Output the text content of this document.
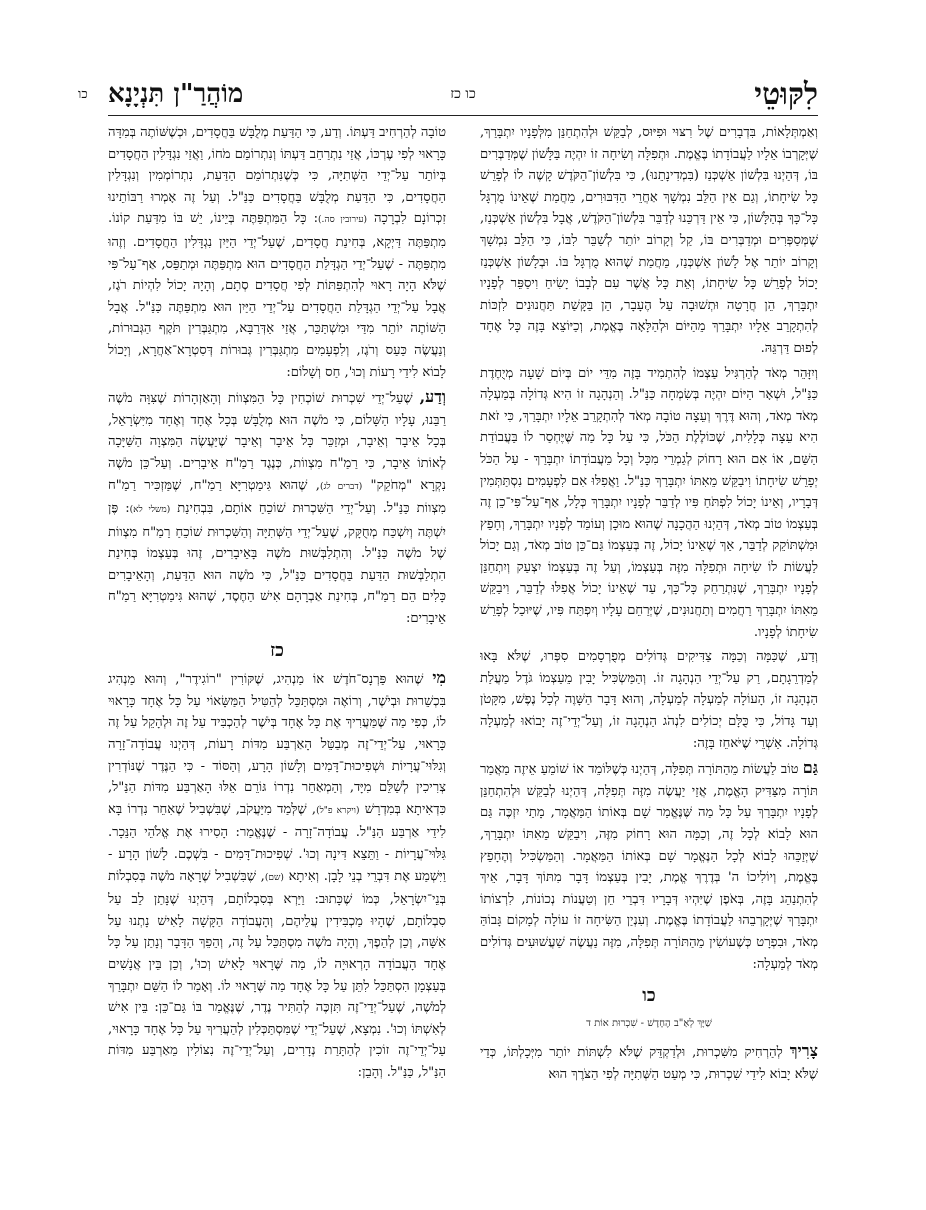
לִקּוּטֵי
כו כז
מוֹהֲרַ"ן תִּנְיָנָא
כו

וְאַמְתְּלָאוֹת, בִּדְבָרִים שֶׁל רִצּוּי וּפִיּוּס, לְבַקֵּשׁ וּלְהִתְחַנֵּן מִלְּפָנָיו יִתְבָּרַךְ, שֶׁיְּקָרְבוֹ אֵלָיו לַעֲבוֹדָתוֹ בֶּאֱמֶת. וּתְפִלָּה וְשִׂיחָה זוֹ יִהְיֶה בַּלָּשׁוֹן שֶׁמְּדַבְּרִים בּוֹ, דְּהַיְנוּ בִּלְשׁוֹן אַשְׁכְּנַז (בִּמְדִינָתֵנוּ), כִּי בִּלְשׁוֹן־הַקֹּדֶשׁ קָשֶׁה לוֹ לְפָרֵשׁ כָּל שִׂיחָתוֹ, וְגַם אֵין הַלֵּב נִמְשָׁךְ אַחֲרֵי הַדִּבּוּרִים, מֵחֲמַת שֶׁאֵינוֹ מֻרְגָּל כָּל־כָּךְ בְּהַלָּשׁוֹן, כִּי אֵין דַּרְכֵּנוּ לְדַבֵּר בִּלְשׁוֹן־הַקֹּדֶשׁ, אֲבָל בִּלְשׁוֹן אַשְׁכְּנַז, שֶׁמְּסַפְּרִים וּמְדַבְּרִים בּוֹ, קַל וְקָרוֹב יוֹתֵר לְשַׁבֵּר לִבּוֹ, כִּי הַלֵּב נִמְשָׁךְ וְקָרוֹב יוֹתֵר אֶל לָשׁוֹן אַשְׁכְּנַז, מֵחֲמַת שֶׁהוּא מֻרְגָּל בּוֹ. וּבְלָשׁוֹן אַשְׁכְּנַז יָכוֹל לְפָרֵשׁ כָּל שִׂיחָתוֹ, וְאֵת כָּל אֲשֶׁר עִם לְבָבוֹ יָשִׂיחַ וִיסַפֵּר לְפָנָיו יִתְבָּרַךְ, הֵן חֲרָטָה וּתְשׁוּבָה עַל הֶעָבָר, הֵן בַּקָּשַׁת תַּחֲנוּנִים לִזְכּוֹת לְהִתְקָרֵב אֵלָיו יִתְבָּרַךְ מֵהַיּוֹם וּלְהַלָּאָה בֶּאֱמֶת, וְכַיּוֹצֵא בָּזֶה כָּל אֶחָד לְפוּם דַּרְגֵּהּ.

וְיִזָּהֵר מְאֹד לְהַרְגִּיל עַצְמוֹ לְהִתְמִיד בָּזֶה מִדֵּי יוֹם בְּיוֹם שָׁעָה מְיֻחֶדֶת כַּנַּ"ל, וּשְׁאָר הַיּוֹם יִהְיֶה בְּשִׂמְחָה כַּנַּ"ל. וְהַנְהָגָה זוֹ הִיא גְּדוֹלָה בְּמַעְלָה מְאֹד מְאֹד, וְהוּא דֶּרֶךְ וְעֵצָה טוֹבָה מְאֹד לְהִתְקָרֵב אֵלָיו יִתְבָּרַךְ, כִּי זֹאת הִיא עֵצָה כְּלָלִית, שֶׁכּוֹלֶלֶת הַכֹּל, כִּי עַל כָּל מַה שֶּׁיֶּחְסַר לוֹ בַּעֲבוֹדַת הַשֵּׁם, אוֹ אִם הוּא רָחוֹק לְגַמְרֵי מִכָּל וְכָל מֵעֲבוֹדָתוֹ יִתְבָּרַךְ - עַל הַכֹּל יְפָרֵשׁ שִׂיחָתוֹ וִיבַקֵּשׁ מֵאִתּוֹ יִתְבָּרַךְ כַּנַּ"ל. וַאֲפִלּוּ אִם לִפְעָמִים נִסְתַּתְּמִין דְּבָרָיו, וְאֵינוֹ יָכוֹל לִפְתֹּחַ פִּיו לְדַבֵּר לְפָנָיו יִתְבָּרַךְ כְּלָל, אַף־עַל־פִּי־כֵן זֶה בְּעַצְמוֹ טוֹב מְאֹד, דְּהַיְנוּ הַהֲכָנָה שֶׁהוּא מוּכָן וְעוֹמֵד לְפָנָיו יִתְבָּרַךְ, וְחָפֵץ וּמִשְׁתּוֹקֵק לְדַבֵּר, אַךְ שֶׁאֵינוֹ יָכוֹל, זֶה בְּעַצְמוֹ גַּם־כֵּן טוֹב מְאֹד, וְגַם יָכוֹל לַעֲשׂוֹת לוֹ שִׂיחָה וּתְפִלָּה מִזֶּה בְּעַצְמוֹ, וְעַל זֶה בְּעַצְמוֹ יִצְעַק וְיִתְחַנֵּן לְפָנָיו יִתְבָּרַךְ, שֶׁנִּתְרַחֵק כָּל־כָּךְ, עַד שֶׁאֵינוֹ יָכוֹל אֲפִלּוּ לְדַבֵּר, וִיבַקֵּשׁ מֵאִתּוֹ יִתְבָּרַךְ רַחֲמִים וְתַחֲנוּנִים, שֶׁיְּרַחֵם עָלָיו וְיִפְתַּח פִּיו, שֶׁיּוּכַל לְפָרֵשׁ שִׂיחָתוֹ לְפָנָיו.

וְדַע, שֶׁכַּמָּה וְכַמָּה צַדִּיקִים גְּדוֹלִים מְפֻרְסָמִים סִפְּרוּ, שֶׁלֹּא בָּאוּ לְמַדְרֵגָתָם, רַק עַל־יְדֵי הַנְהָגָה זוֹ. וְהַמַּשְׂכִּיל יָבִין מֵעַצְמוֹ גֹּדֶל מַעֲלַת הַנְהָגָה זוֹ, הָעוֹלָה לְמַעְלָה לְמַעְלָה, וְהוּא דָּבָר הַשָּׁוֶה לְכָל נֶפֶשׁ, מִקָּטֹן וְעַד גָּדוֹל, כִּי כֻּלָּם יְכוֹלִים לִנְהֹג הַנְהָגָה זוֹ, וְעַל־יְדֵי־זֶה יָבוֹאוּ לְמַעְלָה גְּדוֹלָה. אַשְׁרֵי שֶׁיֹּאחֵז בָּזֶה:

גַּם טוֹב לַעֲשׂוֹת מֵהַתּוֹרָה תְּפִלָּה, דְּהַיְנוּ כְּשֶׁלּוֹמֵד אוֹ שׁוֹמֵעַ אֵיזֶה מַאֲמַר תּוֹרָה מִצַּדִּיק הָאֱמֶת, אֲזַי יַעֲשֶׂה מִזֶּה תְּפִלָּה, דְּהַיְנוּ לְבַקֵּשׁ וּלְהִתְחַנֵּן לְפָנָיו יִתְבָּרַךְ עַל כָּל מַה שֶּׁנֶּאֱמַר שָׁם בְּאוֹתוֹ הַמַּאֲמָר, מָתַי יִזְכֶּה גַּם הוּא לָבוֹא לְכָל זֶה, וְכַמָּה הוּא רָחוֹק מִזֶּה, וִיבַקֵּשׁ מֵאִתּוֹ יִתְבָּרַךְ, שֶׁיְּזַכֵּהוּ לָבוֹא לְכָל הַנֶּאֱמָר שָׁם בְּאוֹתוֹ הַמַּאֲמָר. וְהַמַּשְׂכִּיל וְהֶחָפֵץ בֶּאֱמֶת, וְיוֹלִיכוֹ ה' בְּדֶרֶךְ אֱמֶת, יָבִין בְּעַצְמוֹ דָּבָר מִתּוֹךְ דָּבָר, אֵיךְ לְהִתְנַהֵג בָּזֶה, בְּאֹפֶן שֶׁיִּהְיוּ דְּבָרָיו דִּבְרֵי חֵן וְטַעֲנוֹת נְכוֹנוֹת, לִרְצוֹתוֹ יִתְבָּרַךְ שֶׁיְּקָרְבֵהוּ לַעֲבוֹדָתוֹ בֶּאֱמֶת. וְעִנְיַן הַשִּׂיחָה זוֹ עוֹלָה לְמָקוֹם גָּבוֹהַּ מְאֹד, וּבִפְרָט כְּשֶׁעוֹשִׂין מֵהַתּוֹרָה תְּפִלָּה, מִזֶּה נַעֲשֶׂה שַׁעֲשׁוּעִים גְּדוֹלִים מְאֹד לְמַעְלָה:

כו
שַׁיָּךְ לְאַ"ב הֶחָדָשׁ - שִׁכְרוּת אוֹת ד

צָרִיךְ לְהַרְחִיק מִשִּׁכְרוּת, וּלְדַקְדֵּק שֶׁלֹּא לִשְׁתּוֹת יוֹתֵר מִיְּכָלְתּוֹ, כְּדֵי שֶׁלֹּא יָבוֹא לִידֵי שִׁכְרוּת, כִּי מְעַט הַשְּׁתִיָּה לְפִי הַצֹּרֶךְ הוּא

טוֹבָה לְהַרְחִיב דַּעְתּוֹ. וְדַע, כִּי הַדַּעַת מְלֻבָּשׁ בַּחֲסָדִים, וּכְשֶׁשּׁוֹתֶה בְּמִדָּה כָּרָאוּי לְפִי עֶרְכּוֹ, אֲזַי נִתְרַחֵב דַּעְתּוֹ וְנִתְרוֹמֵם מֹחוֹ, וַאֲזַי נִגְדָּלִין הַחֲסָדִים בְּיוֹתֵר עַל־יְדֵי הַשְּׁתִיָּה, כִּי כְּשֶׁנִּתְרוֹמֵם הַדַּעַת, נִתְרוֹמְמִין וְנִגְדָּלִין הַחֲסָדִים, כִּי הַדַּעַת מְלֻבָּשׁ בַּחֲסָדִים כַּנַּ"ל. וְעַל זֶה אָמְרוּ רַבּוֹתֵינוּ זִכְרוֹנָם לִבְרָכָה (עירובין סה.): כָּל הַמִּתְפַּתֶּה בְּיֵינוֹ, יֵשׁ בּוֹ מִדַּעַת קוֹנוֹ. מִתְפַּתֶּה דַּיְקָא, בְּחִינַת חֲסָדִים, שֶׁעַל־יְדֵי הַיַּיִן נִגְדָּלִין הַחֲסָדִים. וְזֶהוּ מִתְפַּתֶּה - שֶׁעַל־יְדֵי הַגְדָּלַת הַחֲסָדִים הוּא מִתְפַּתֶּה וּמְתַפֵּס, אַף־עַל־פִּי שֶׁלֹּא הָיָה רָאוּי לְהִתְפַּתּוֹת לְפִי חֲסָדִים סְתָם, וְהָיָה יָכוֹל לִהְיוֹת רֹגֶז, אֲבָל עַל־יְדֵי הַגְדָּלַת הַחֲסָדִים עַל־יְדֵי הַיַּיִן הוּא מִתְפַּתֶּה כַּנַּ"ל. אֲבָל הַשּׁוֹתֶה יוֹתֵר מִדַּי וּמִשְׁתַּכֵּר, אֲזַי אַדְּרַבָּא, מִתְגַּבְּרִין תֹּקֶף הַגְּבוּרוֹת, וְנַעֲשֶׂה כַּעַס וְרֹגֶז, וְלִפְעָמִים מִתְגַּבְּרִין גְּבוּרוֹת דְּסִטְרָא־אַחֲרָא, וְיָכוֹל לָבוֹא לִידֵי רָעוֹת וְכוּ', חַס וְשָׁלוֹם:

וְדַע, שֶׁעַל־יְדֵי שִׁכְרוּת שׁוֹכְחִין כָּל הַמִּצְווֹת וְהָאַזְהָרוֹת שֶׁצִּוָּה מֹשֶׁה רַבֵּנוּ, עָלָיו הַשָּׁלוֹם, כִּי מֹשֶׁה הוּא מְלֻבָּשׁ בְּכָל אֶחָד וְאֶחָד מִיִּשְׂרָאֵל, בְּכָל אֵיבָר וְאֵיבָר, וּמְזַכֵּר כָּל אֵיבָר וְאֵיבָר שֶׁיַּעֲשֶׂה הַמִּצְוָה הַשַּׁיָּכָה לְאוֹתוֹ אֵיבָר, כִּי רַמַ"ח מִצְווֹת, כְּנֶגֶד רַמַ"ח אֵיבָרִים. וְעַל־כֵּן מֹשֶׁה נִקְרָא "מְחֹקֵק" (דברים לג), שֶׁהוּא גִּימַטְרִיָּא רַמַ"ח, שֶׁמַּזְכִּיר רַמַ"ח מִצְווֹת כַּנַּ"ל. וְעַל־יְדֵי הַשִּׁכְרוּת שׁוֹכֵחַ אוֹתָם, בִּבְחִינַת (משלי לא): פֶּן יִשְׁתֶּה וְיִשְׁכַּח מְחֻקָּק, שֶׁעַל־יְדֵי הַשְּׁתִיָּה וְהַשִּׁכְרוּת שׁוֹכֵחַ רַמַ"ח מִצְווֹת שֶׁל מֹשֶׁה כַּנַּ"ל. וְהִתְלַבְּשׁוּת מֹשֶׁה בָּאֵיבָרִים, זֶהוּ בְּעַצְמוֹ בְּחִינַת הִתְלַבְּשׁוּת הַדַּעַת בַּחֲסָדִים כַּנַּ"ל, כִּי מֹשֶׁה הוּא הַדַּעַת, וְהָאֵיבָרִים כָּלִים הֵם רַמַ"ח, בְּחִינַת אַבְרָהָם אִישׁ הַחֶסֶד, שֶׁהוּא גִּימַטְרִיָּא רַמַ"ח אֵיבָרִים:

כז

מִי שֶׁהוּא פַּרְנָס־חֹדֶשׁ אוֹ מַנְהִיג, שֶׁקּוֹרִין "רוֹגִידֶר", וְהוּא מַנְהִיג בִּכְשֵׁרוּת וּבְיֹשֶׁר, וְרוֹאֶה וּמִסְתַּכֵּל לְהַטִּיל הַמַּשָּׂאוֹי עַל כָּל אֶחָד כָּרָאוּי לוֹ, כְּפִי מַה שֶּׁמַּעֲרִיךְ אֶת כָּל אֶחָד בְּיֹשֶׁר לְהַכְבִּיד עַל זֶה וּלְהָקֵל עַל זֶה כָּרָאוּי, עַל־יְדֵי־זֶה מְבַטֵּל הָאַרְבַּע מִדּוֹת רָעוֹת, דְּהַיְנוּ עֲבוֹדָה־זָרָה וְגִלּוּי־עֲרָיוֹת וּשְׁפִיכוּת־דָּמִים וְלָשׁוֹן הָרָע, וְהַסּוֹד - כִּי הַנֶּדֶר שֶׁנּוֹדְרִין צְרִיכִין לְשַׁלֵּם מִיָּד, וְהַמְאַחֵר נִדְרוֹ גּוֹרֵם אֵלּוּ הָאַרְבַּע מִדּוֹת הַנַּ"ל, כִּדְאִיתָא בְּמִדְרָשׁ (ויקרא פ"ל), שֶׁלְּמַד מִיַּעֲקֹב, שֶׁבִּשְׁבִיל שֶׁאִחֵר נִדְרוֹ בָּא לִידֵי אַרְבַּע הַנַּ"ל. עֲבוֹדָה־זָרָה - שֶׁנֶּאֱמַר: הָסִירוּ אֶת אֱלֹהֵי הַנֵּכָר. גִּלּוּי־עֲרָיוֹת - וַתֵּצֵא דִּינָה וְכוּ'. שְׁפִיכוּת־דָּמִים - בִּשְׁכֶם. לָשׁוֹן הָרָע - וַיִּשְׁמַע אֶת דִּבְרֵי בְנֵי לָבָן. וְאִיתָא (שם), שֶׁבִּשְׁבִיל שֶׁרָאָה מֹשֶׁה בְּסִבְלוֹת בְּנֵי־יִשְׂרָאֵל, כְּמוֹ שֶׁכָּתוּב: וַיַּרְא בְּסִבְלוֹתָם, דְּהַיְנוּ שֶׁנָּתַן לֵב עַל סִבְלוֹתָם, שֶׁהָיוּ מַכְבִּידִין עֲלֵיהֶם, וְהָעֲבוֹדָה הַקָּשָׁה לָאִישׁ נָתְנוּ עַל אִשָּׁה, וְכֵן לְהֵפֶךְ, וְהָיָה מֹשֶׁה מִסְתַּכֵּל עַל זֶה, וְהֵפֵךְ הַדָּבָר וְנָתַן עַל כָּל אֶחָד הָעֲבוֹדָה הָרְאוּיָה לוֹ, מַה שֶּׁרָאוּי לָאִישׁ וְכוּ', וְכֵן בֵּין אֲנָשִׁים בְּעַצְמָן הִסְתַּכֵּל לִתֵּן עַל כָּל אֶחָד מַה שֶּׁרָאוּי לוֹ. וְאָמַר לוֹ הַשֵּׁם יִתְבָּרַךְ לְמֹשֶׁה, שֶׁעַל־יְדֵי־זֶה תִּזְכֶּה לְהַתִּיר נֶדֶר, שֶׁנֶּאֱמַר בּוֹ גַּם־כֵּן: בֵּין אִישׁ לְאִשְׁתּוֹ וְכוּ'. נִמְצָא, שֶׁעַל־יְדֵי שֶׁמִּסְתַּכְּלִין לְהַעֲרִיךְ עַל כָּל אֶחָד כָּרָאוּי, עַל־יְדֵי־זֶה זוֹכִין לְהַתָּרַת נְדָרִים, וְעַל־יְדֵי־זֶה נִצּוֹלִין מֵאַרְבַּע מִדּוֹת הַנַּ"ל, כַּנַּ"ל. וְהָבֵן:
